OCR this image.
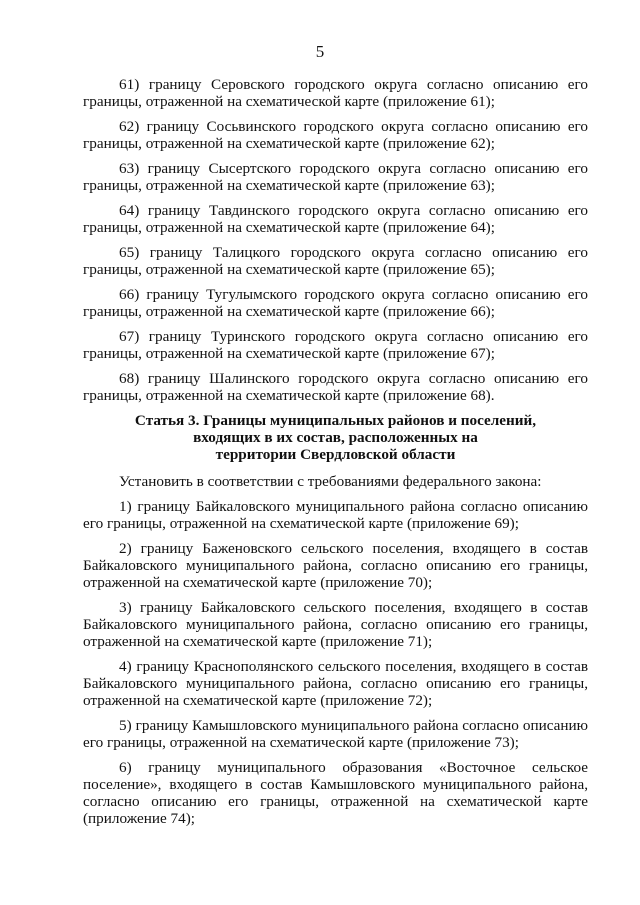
5

61) границу Серовского городского округа согласно описанию его границы, отраженной на схематической карте (приложение 61);

62) границу Сосьвинского городского округа согласно описанию его границы, отраженной на схематической карте (приложение 62);

63) границу Сысертского городского округа согласно описанию его границы, отраженной на схематической карте (приложение 63);

64) границу Тавдинского городского округа согласно описанию его границы, отраженной на схематической карте (приложение 64);

65) границу Талицкого городского округа согласно описанию его границы, отраженной на схематической карте (приложение 65);

66) границу Тугулымского городского округа согласно описанию его границы, отраженной на схематической карте (приложение 66);

67) границу Туринского городского округа согласно описанию его границы, отраженной на схематической карте (приложение 67);

68) границу Шалинского городского округа согласно описанию его границы, отраженной на схематической карте (приложение 68).

Статья 3. Границы муниципальных районов и поселений,
входящих в их состав, расположенных на
территории Свердловской области

Установить в соответствии с требованиями федерального закона:

1) границу Байкаловского муниципального района согласно описанию его границы, отраженной на схематической карте (приложение 69);

2) границу Баженовского сельского поселения, входящего в состав Байкаловского муниципального района, согласно описанию его границы, отраженной на схематической карте (приложение 70);

3) границу Байкаловского сельского поселения, входящего в состав Байкаловского муниципального района, согласно описанию его границы, отраженной на схематической карте (приложение 71);

4) границу Краснополянского сельского поселения, входящего в состав Байкаловского муниципального района, согласно описанию его границы, отраженной на схематической карте (приложение 72);

5) границу Камышловского муниципального района согласно описанию его границы, отраженной на схематической карте (приложение 73);

6) границу муниципального образования «Восточное сельское поселение», входящего в состав Камышловского муниципального района, согласно описанию его границы, отраженной на схематической карте (приложение 74);
